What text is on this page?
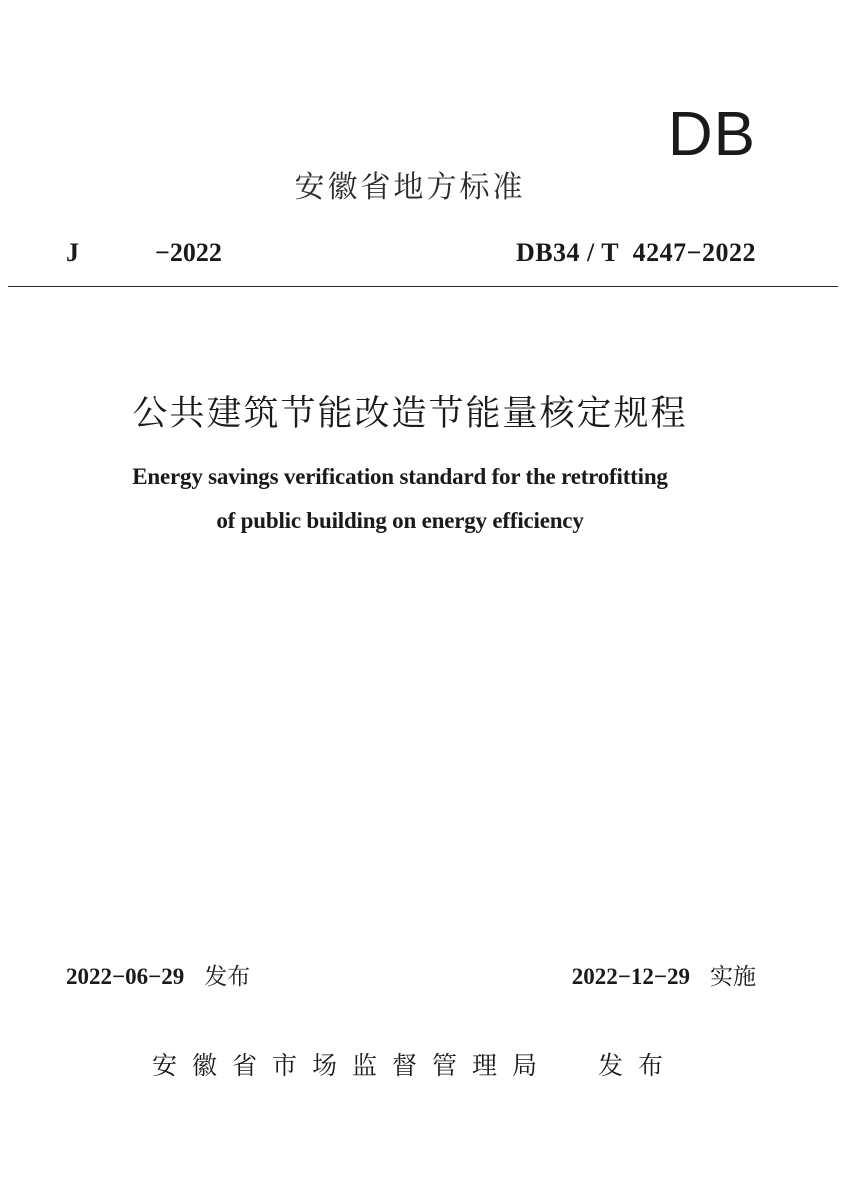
DB
安徽省地方标准
J	−2022	DB34 / T  4247−2022
公共建筑节能改造节能量核定规程
Energy savings verification standard for the retrofitting
of public building on energy efficiency
2022−06−29 发布	2022−12−29 实施
安徽省市场监督管理局  发布
